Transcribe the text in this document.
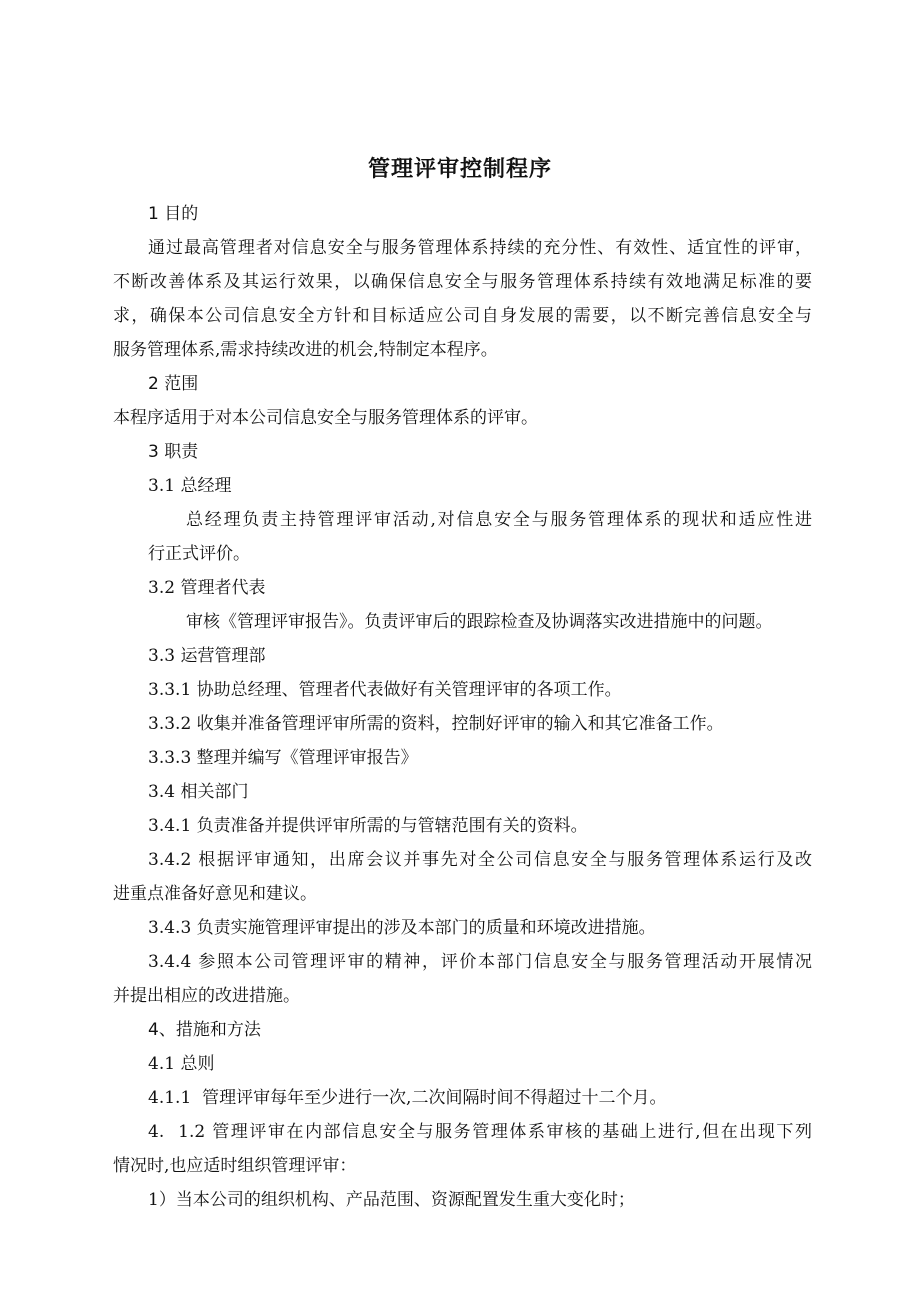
管理评审控制程序
1 目的
通过最高管理者对信息安全与服务管理体系持续的充分性、有效性、适宜性的评审，
不断改善体系及其运行效果，以确保信息安全与服务管理体系持续有效地满足标准的要
求，确保本公司信息安全方针和目标适应公司自身发展的需要，以不断完善信息安全与
服务管理体系,需求持续改进的机会,特制定本程序。
2 范围
本程序适用于对本公司信息安全与服务管理体系的评审。
3 职责
3.1 总经理
总经理负责主持管理评审活动,对信息安全与服务管理体系的现状和适应性进
行正式评价。
3.2 管理者代表
审核《管理评审报告》。负责评审后的跟踪检查及协调落实改进措施中的问题。
3.3 运营管理部
3.3.1 协助总经理、管理者代表做好有关管理评审的各项工作。
3.3.2 收集并准备管理评审所需的资料，控制好评审的输入和其它准备工作。
3.3.3 整理并编写《管理评审报告》
3.4 相关部门
3.4.1 负责准备并提供评审所需的与管辖范围有关的资料。
3.4.2 根据评审通知，出席会议并事先对全公司信息安全与服务管理体系运行及改
进重点准备好意见和建议。
3.4.3 负责实施管理评审提出的涉及本部门的质量和环境改进措施。
3.4.4 参照本公司管理评审的精神，评价本部门信息安全与服务管理活动开展情况
并提出相应的改进措施。
4、措施和方法
4.1 总则
4.1.1  管理评审每年至少进行一次,二次间隔时间不得超过十二个月。
4.  1.2 管理评审在内部信息安全与服务管理体系审核的基础上进行,但在出现下列
情况时,也应适时组织管理评审：
1）当本公司的组织机构、产品范围、资源配置发生重大变化时；
